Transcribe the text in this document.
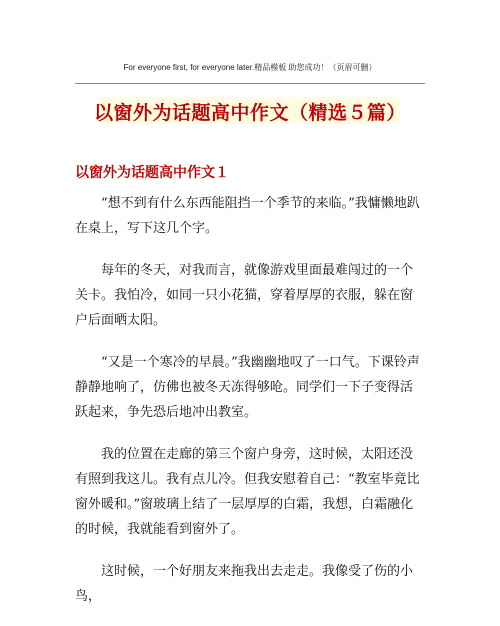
For everyone first, for everyone later.精品模板 助您成功！（页眉可删）
以窗外为话题高中作文（精选５篇）
以窗外为话题高中作文１

“想不到有什么东西能阻挡一个季节的来临。”我慵懒地趴在桌上，写下这几个字。

每年的冬天，对我而言，就像游戏里面最难闯过的一个关卡。我怕冷，如同一只小花猫，穿着厚厚的衣服，躲在窗户后面晒太阳。

“又是一个寒冷的早晨。”我幽幽地叹了一口气。下课铃声静静地响了，仿佛也被冬天冻得够呛。同学们一下子变得活跃起来，争先恐后地冲出教室。

我的位置在走廊的第三个窗户身旁，这时候，太阳还没有照到我这儿。我有点儿冷。但我安慰着自己：“教室毕竟比窗外暖和。”窗玻璃上结了一层厚厚的白霜，我想，白霜融化的时候，我就能看到窗外了。

这时候，一个好朋友来拖我出去走走。我像受了伤的小鸟，
